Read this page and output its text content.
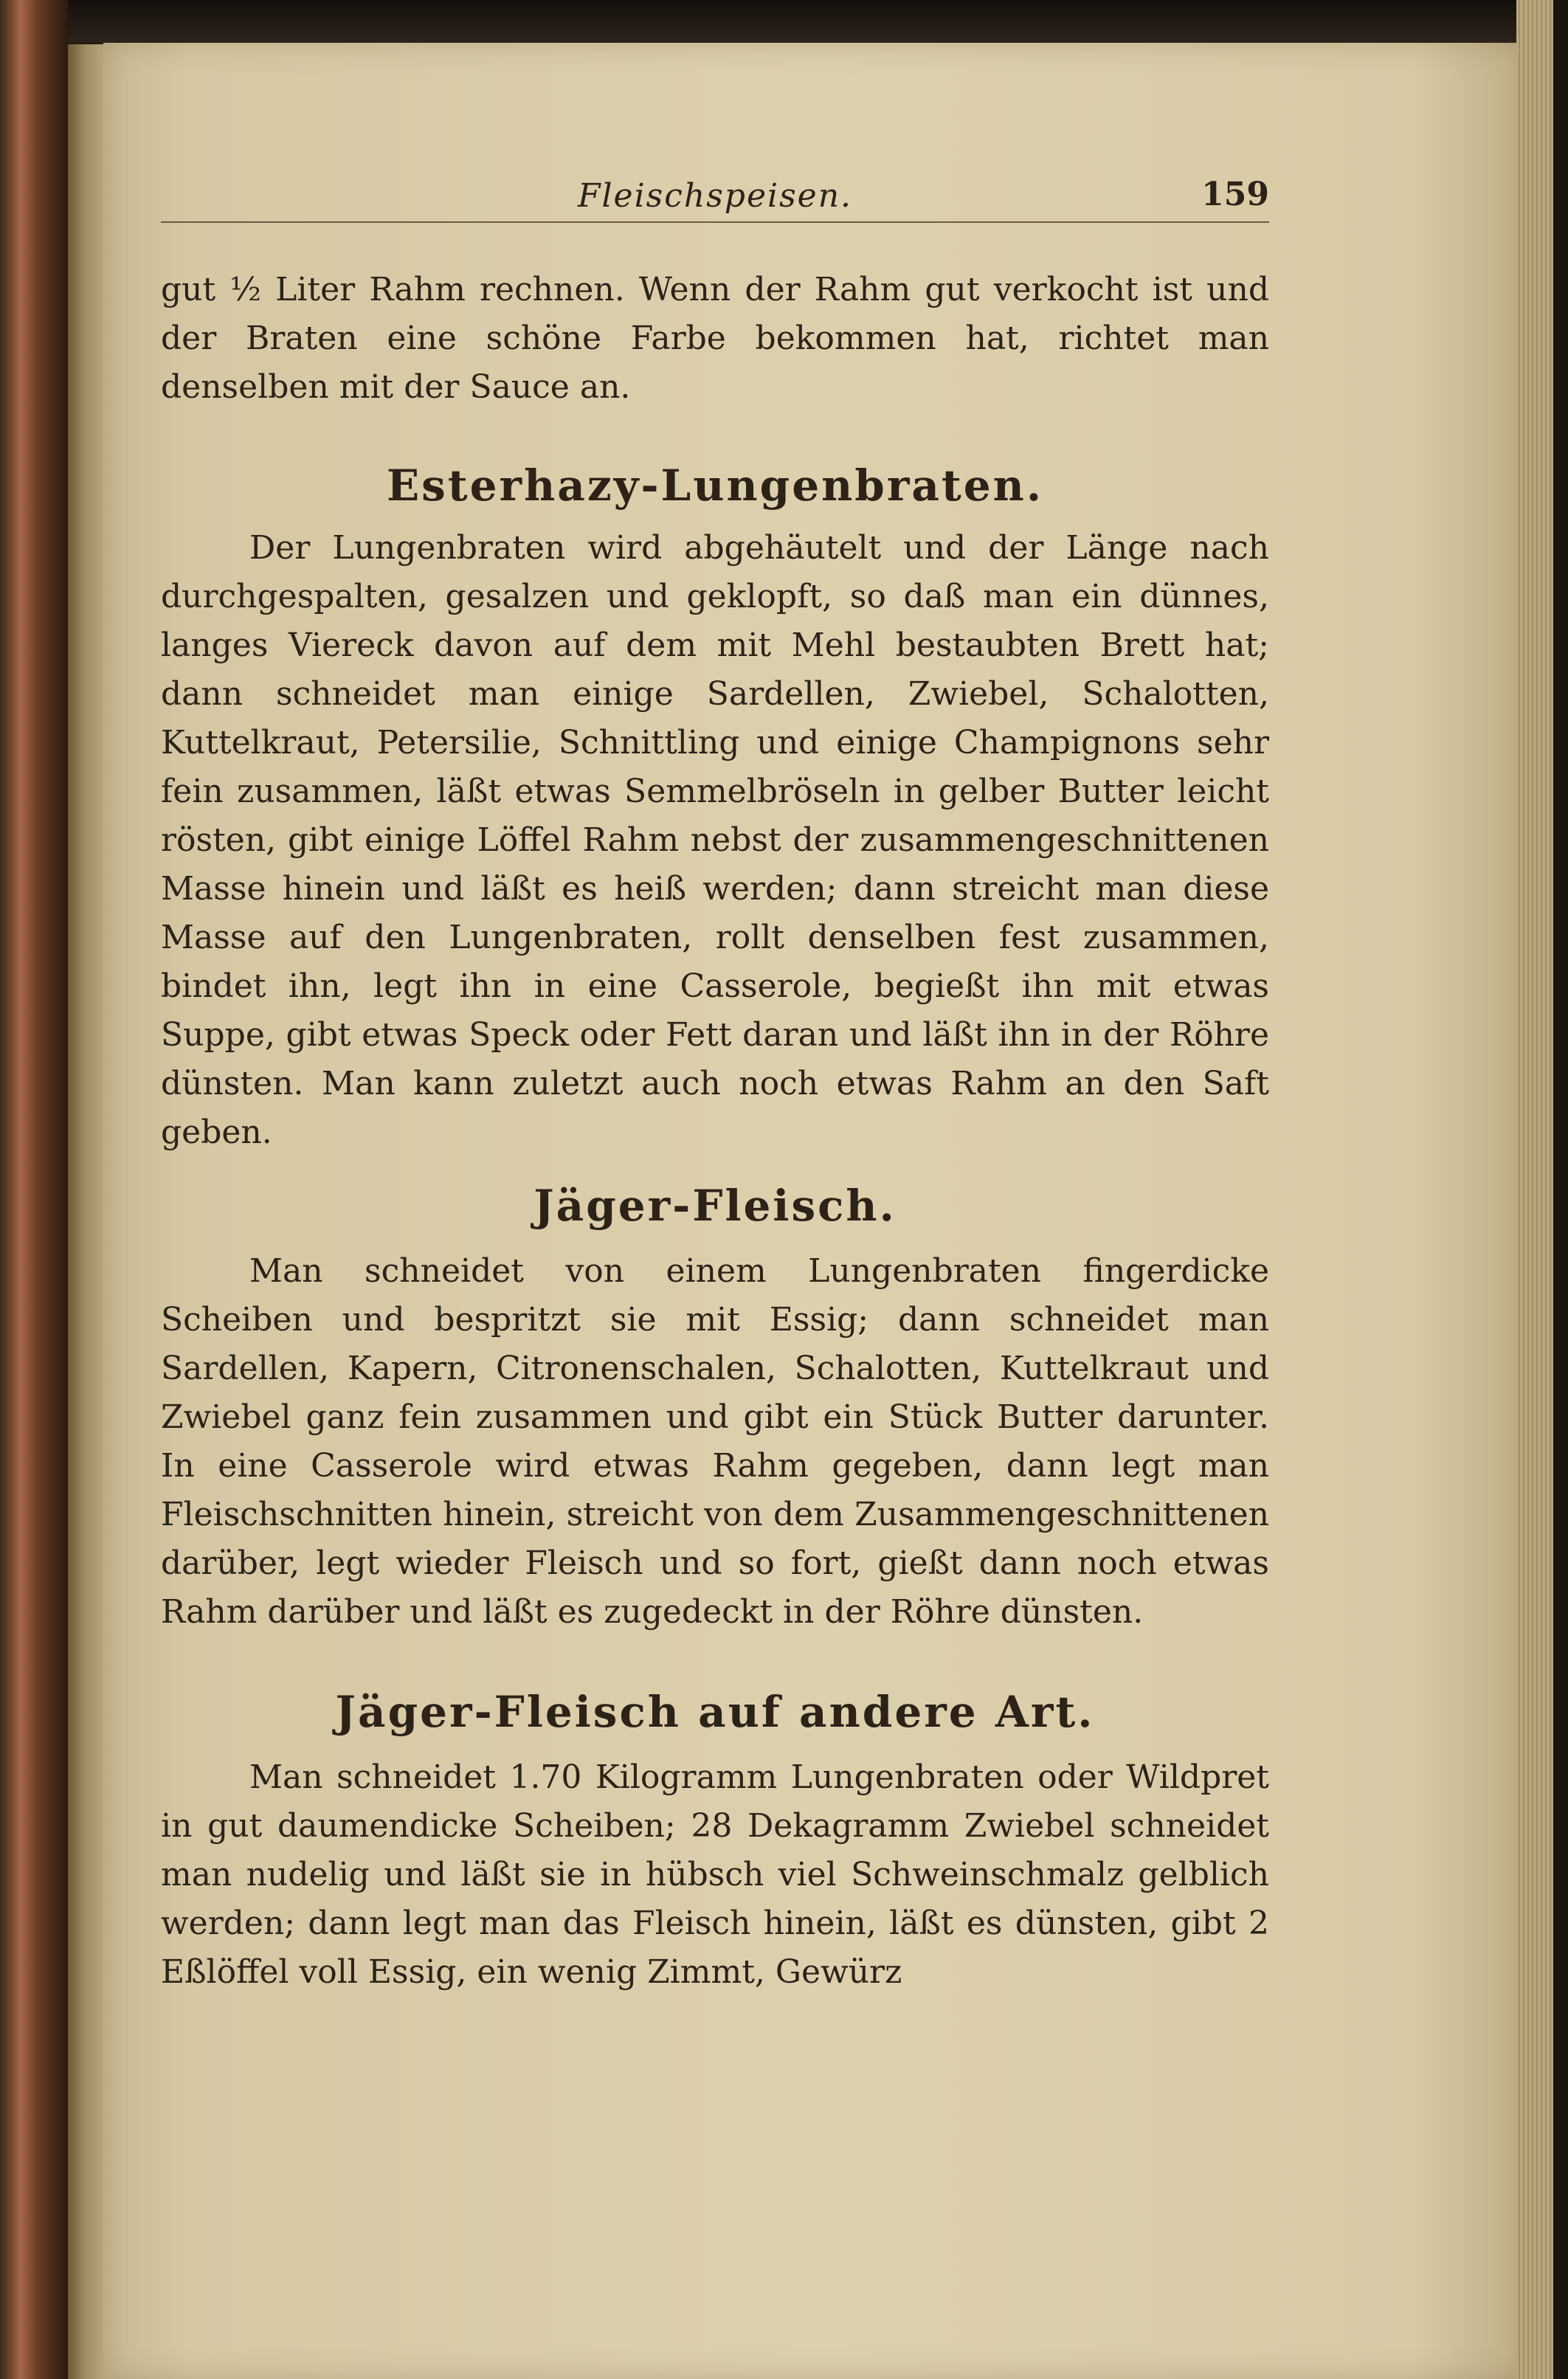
Fleischspeisen.	159

gut ½ Liter Rahm rechnen. Wenn der Rahm gut verkocht ist und der Braten eine schöne Farbe bekommen hat, richtet man denselben mit der Sauce an.

Esterhazy-Lungenbraten.

Der Lungenbraten wird abgehäutelt und der Länge nach durchgespalten, gesalzen und geklopft, so daß man ein dünnes, langes Viereck davon auf dem mit Mehl bestaubten Brett hat; dann schneidet man einige Sardellen, Zwiebel, Schalotten, Kuttelkraut, Petersilie, Schnittling und einige Champignons sehr fein zusammen, läßt etwas Semmelbröseln in gelber Butter leicht rösten, gibt einige Löffel Rahm nebst der zusammengeschnittenen Masse hinein und läßt es heiß werden; dann streicht man diese Masse auf den Lungenbraten, rollt denselben fest zusammen, bindet ihn, legt ihn in eine Casserole, begießt ihn mit etwas Suppe, gibt etwas Speck oder Fett daran und läßt ihn in der Röhre dünsten. Man kann zuletzt auch noch etwas Rahm an den Saft geben.

Jäger-Fleisch.

Man schneidet von einem Lungenbraten fingerdicke Scheiben und bespritzt sie mit Essig; dann schneidet man Sardellen, Kapern, Citronenschalen, Schalotten, Kuttelkraut und Zwiebel ganz fein zusammen und gibt ein Stück Butter darunter. In eine Casserole wird etwas Rahm gegeben, dann legt man Fleischschnitten hinein, streicht von dem Zusammengeschnittenen darüber, legt wieder Fleisch und so fort, gießt dann noch etwas Rahm darüber und läßt es zugedeckt in der Röhre dünsten.

Jäger-Fleisch auf andere Art.

Man schneidet 1.70 Kilogramm Lungenbraten oder Wildpret in gut daumendicke Scheiben; 28 Dekagramm Zwiebel schneidet man nudelig und läßt sie in hübsch viel Schweinschmalz gelblich werden; dann legt man das Fleisch hinein, läßt es dünsten, gibt 2 Eßlöffel voll Essig, ein wenig Zimmt, Gewürz
